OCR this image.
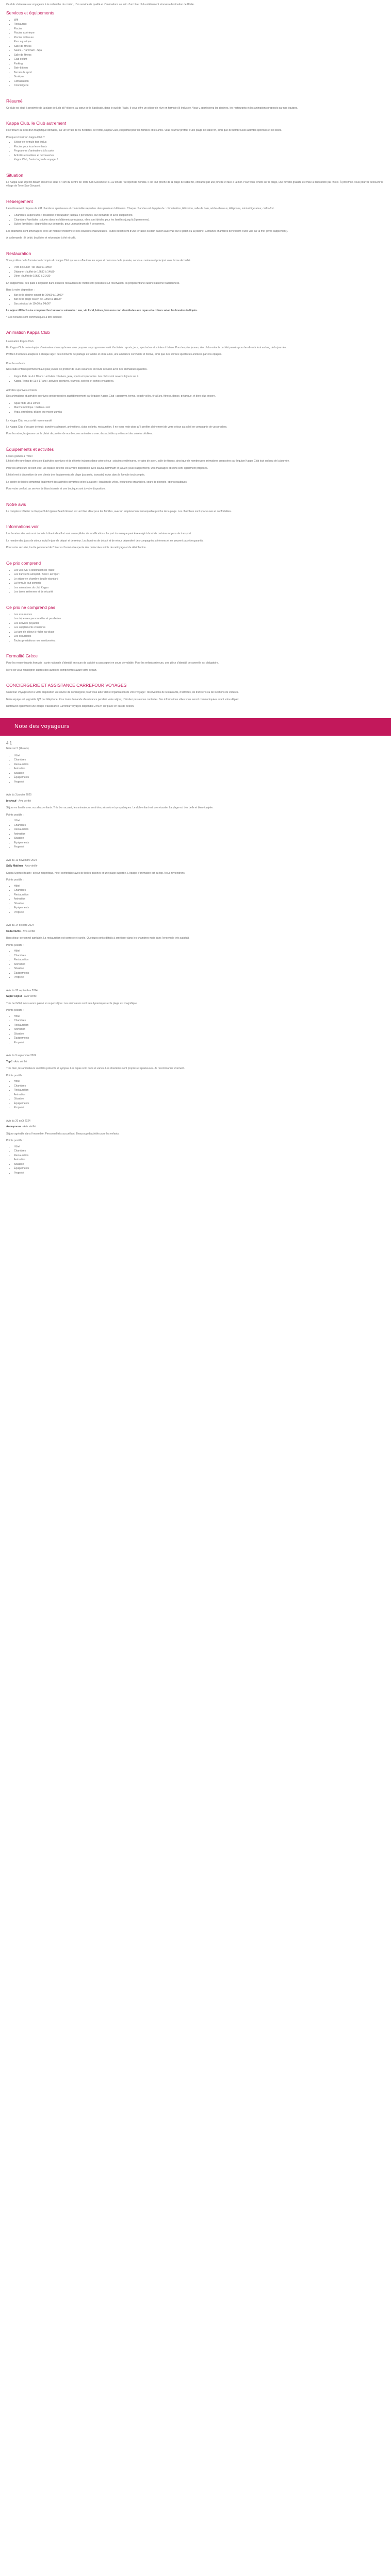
Ce club s'adresse aux voyageurs à la recherche du confort, d'un service de qualité et d'animations au sein d'un hôtel club entièrement rénové à destination de l'Italie.

Services et équipements
• Wifi
• Restaurant
• Piscine
• Piscine extérieure
• Piscine intérieure
• Parc aquatique
• Salle de fitness
• Sauna - Hammam - Spa
• Salle de fitness
• Club enfant
• Parking
• Bain-bâteau
• Terrain de sport
• Boutique
• Climatisation
• Conciergerie
Résumé

Ce club est situé à proximité de la plage de Lido di Policoro, au cœur de la Basilicate, dans le sud de l'Italie. Il vous offre un séjour de rêve en formule All Inclusive. Vous y apprécierez les piscines, les restaurants et les animations proposés par nos équipes.

Kappa Club, le Club autrement

Il se trouve au sein d'un magnifique domaine, sur un terrain de 60 hectares, cet hôtel, Kappa Club, est parfait pour les familles et les amis. Vous pourrez profiter d'une plage de sable fin, ainsi que de nombreuses activités sportives et de loisirs.

Pourquoi choisir un Kappa Club ?

• Séjour en formule tout inclus
• Piscine pour tous les enfants
• Programme d'animations à la carte
• Activités encadrées et découvertes
• Kappa Club, l'autre façon de voyager !
Situation

Le Kappa Club Ugento Beach Resort se situe à 4 km du centre de Torre San Giovanni et à 112 km de l'aéroport de Brindisi. Il est tout proche de la plage de sable fin, entourée par une pinède et face à la mer. Pour vous rendre sur la plage, une navette gratuite est mise à disposition par l'hôtel. À proximité, vous pourrez découvrir le village de Torre San Giovanni.

Hébergement

L'établissement dispose de 431 chambres spacieuses et confortables réparties dans plusieurs bâtiments. Chaque chambre est équipée de : climatisation, télévision, salle de bain, sèche-cheveux, téléphone, mini-réfrigérateur, coffre-fort.

• Chambres Supérieures : possibilité d'occupation jusqu'à 4 personnes, sur demande et avec supplément.
• Chambres Familiales : situées dans les bâtiments principaux, elles sont idéales pour les familles (jusqu'à 5 personnes).
• Suites familiales : disponibles sur demande, pour un maximum de 4 personnes.

Les chambres sont aménagées avec un mobilier moderne et des couleurs chaleureuses. Toutes bénéficient d'une terrasse ou d'un balcon avec vue sur le jardin ou la piscine. Certaines chambres bénéficient d'une vue sur la mer (avec supplément).

À la demande : lit bébé, bouilloire et nécessaire à thé et café.

Restauration

Vous profitez de la formule tout compris du Kappa Club qui vous offre tous les repas et boissons de la journée, servis au restaurant principal sous forme de buffet.

• Petit-déjeuner : de 7h00 à 10h00
• Déjeuner : buffet de 12h30 à 14h30
• Dîner : buffet de 19h30 à 21h30

En supplément, des plats à déguster dans d'autres restaurants de l'hôtel sont possibles sur réservation. Ils proposent une cuisine italienne traditionnelle.

Bars à votre disposition :

• Bar de la piscine ouvert de 10h00 à 19h00*
• Bar de la plage ouvert de 10h00 à 18h00*
• Bar principal de 10h00 à 24h00*

Le séjour All Inclusive comprend les boissons suivantes : eau, vin local, bières, boissons non alcoolisées aux repas et aux bars selon les horaires indiqués.

* Ces horaires sont communiqués à titre indicatif.

Animation Kappa Club

L'animation Kappa Club

En Kappa Club, notre équipe d'animateurs francophones vous propose un programme varié d'activités : sports, jeux, spectacles et soirées à thème. Pour les plus jeunes, des clubs enfants ont été pensés pour les divertir tout au long de la journée.

Profitez d'activités adaptées à chaque âge : des moments de partage en famille et entre amis, une ambiance conviviale et festive, ainsi que des soirées spectacles animées par nos équipes.

Pour les enfants

Nos clubs enfants permettent aux plus jeunes de profiter de leurs vacances en toute sécurité avec des animateurs qualifiés.

• Kappa Kids de 4 à 10 ans : activités créatives, jeux, sports et spectacles. Les clubs sont ouverts 6 jours sur 7.
• Kappa Teens de 11 à 17 ans : activités sportives, tournois, soirées et sorties encadrées.

Activités sportives et loisirs

Des animations et activités sportives sont proposées quotidiennement par l'équipe Kappa Club : aquagym, tennis, beach-volley, tir à l'arc, fitness, danse, pétanque, et bien plus encore.

• Aqua fit de 9h à 10h30
• Marche nordique : matin ou soir
• Yoga, stretching, pilates ou encore zumba

Le Kappa Club nous a été recommandé

Le Kappa Club s'occupe de tout : transferts aéroport, animations, clubs enfants, restauration. Il ne vous reste plus qu'à profiter pleinement de votre séjour au soleil en compagnie de vos proches.

Pour les ados, les jeunes ont le plaisir de profiter de nombreuses animations avec des activités sportives et des soirées dédiées.

Équipements et activités

Loisirs gratuits à l'hôtel

L'hôtel offre une large sélection d'activités sportives et de détente incluses dans votre séjour : piscines extérieures, terrains de sport, salle de fitness, ainsi que de nombreuses animations proposées par l'équipe Kappa Club tout au long de la journée.

Pour les amateurs de bien-être, un espace détente est à votre disposition avec sauna, hammam et jacuzzi (avec supplément). Des massages et soins sont également proposés.

L'hôtel met à disposition de ses clients des équipements de plage (parasols, transats) inclus dans la formule tout compris.

Le centre de loisirs comprend également des activités payantes selon la saison : location de vélos, excursions organisées, cours de plongée, sports nautiques.

Pour votre confort, un service de blanchisserie et une boutique sont à votre disposition.

Notre avis

Le complexe hôtelier Le Kappa Club Ugento Beach Resort est un hôtel idéal pour les familles, avec un emplacement remarquable proche de la plage. Les chambres sont spacieuses et confortables.

Informations voir

Les horaires des vols sont donnés à titre indicatif et sont susceptibles de modifications. Le port du masque peut être exigé à bord de certains moyens de transport.

Le nombre des jours de séjour inclut le jour de départ et de retour. Les horaires de départ et de retour dépendent des compagnies aériennes et ne peuvent pas être garantis.

Pour votre sécurité, tout le personnel de l'hôtel est formé et respecte des protocoles stricts de nettoyage et de désinfection.

Ce prix comprend
• Les vols A/R à destination de l'Italie
• Les transferts aéroport / hôtel / aéroport
• Le séjour en chambre double standard
• La formule tout compris
• Les animations du club Kappa
• Les taxes aériennes et de sécurité
Ce prix ne comprend pas
• Les assurances
• Les dépenses personnelles et pourboires
• Les activités payantes
• Les suppléments chambres
• La taxe de séjour à régler sur place
• Les excursions
• Toutes prestations non mentionnées
Formalité Grèce

Pour les ressortissants français : carte nationale d'identité en cours de validité ou passeport en cours de validité. Pour les enfants mineurs, une pièce d'identité personnelle est obligatoire.

Merci de vous renseigner auprès des autorités compétentes avant votre départ.

CONCIERGERIE ET ASSISTANCE CARREFOUR VOYAGES

Carrefour Voyages met à votre disposition un service de conciergerie pour vous aider dans l'organisation de votre voyage : réservations de restaurants, d'activités, de transferts ou de locations de voitures.

Notre équipe est joignable 7j/7 par téléphone. Pour toute demande d'assistance pendant votre séjour, n'hésitez pas à nous contacter. Des informations utiles vous seront communiquées avant votre départ.

Retrouvez également une équipe d'assistance Carrefour Voyages disponible 24h/24 sur place en cas de besoin.

Note des voyageurs
4.1

Note sur 5 (26 avis)

• Hôtel
• Chambres
• Restauration
• Animation
• Situation
• Équipements
• Propreté

Avis du 3 janvier 2025

bitchouf · Avis vérifié

Séjour en famille avec nos deux enfants. Très bon accueil, les animateurs sont très présents et sympathiques. Le club enfant est une réussite. La plage est très belle et bien équipée.

Points positifs :

• Hôtel
• Chambres
• Restauration
• Animation
• Situation
• Équipements
• Propreté

Avis du 12 novembre 2024

Sally Mattheu · Avis vérifié

Kappa Ugento Beach : séjour magnifique, hôtel confortable avec de belles piscines et une plage superbe. L'équipe d'animation est au top. Nous reviendrons.

Points positifs :

• Hôtel
• Chambres
• Restauration
• Animation
• Situation
• Équipements
• Propreté

Avis du 14 octobre 2024

Collect1234 · Avis vérifié

Bon séjour, personnel agréable. La restauration est correcte et variée. Quelques petits détails à améliorer dans les chambres mais dans l'ensemble très satisfait.

Points positifs :

• Hôtel
• Chambres
• Restauration
• Animation
• Situation
• Équipements
• Propreté

Avis du 28 septembre 2024

Super séjour · Avis vérifié

Très bel hôtel, nous avons passé un super séjour. Les animateurs sont très dynamiques et la plage est magnifique.

Points positifs :

• Hôtel
• Chambres
• Restauration
• Animation
• Situation
• Équipements
• Propreté

Avis du 9 septembre 2024

Top ! · Avis vérifié

Très bien, les animateurs sont très présents et sympas. Les repas sont bons et variés. Les chambres sont propres et spacieuses. Je recommande vivement.

Points positifs :

• Hôtel
• Chambres
• Restauration
• Animation
• Situation
• Équipements
• Propreté

Avis du 20 août 2024

Anonymous · Avis vérifié

Séjour agréable dans l'ensemble. Personnel très accueillant. Beaucoup d'activités pour les enfants.

Points positifs :

• Hôtel
• Chambres
• Restauration
• Animation
• Situation
• Équipements
• Propreté
